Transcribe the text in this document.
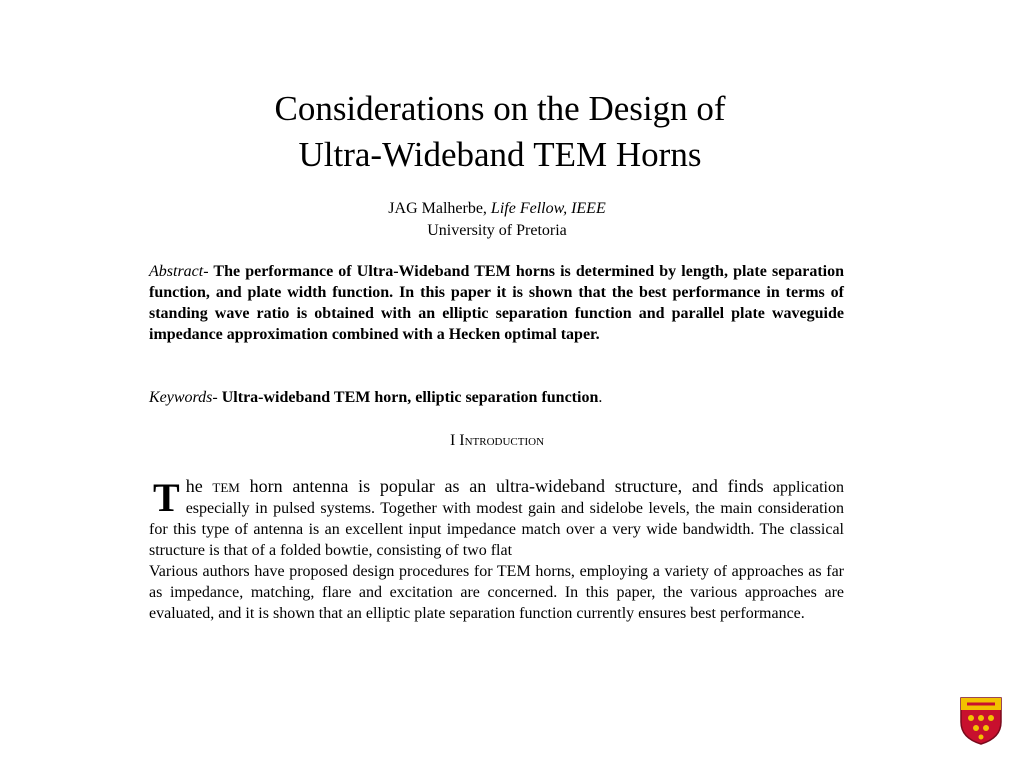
Considerations on the Design of
Ultra-Wideband TEM Horns
JAG Malherbe, Life Fellow, IEEE
University of Pretoria

Abstract- The performance of Ultra-Wideband TEM horns is determined by length, plate separation function, and plate width function. In this paper it is shown that the best performance in terms of standing wave ratio is obtained with an elliptic separation function and parallel plate waveguide impedance approximation combined with a Hecken optimal taper.

Keywords- Ultra-wideband TEM horn, elliptic separation function.

I Introduction

The tem horn antenna is popular as an ultra-wideband structure, and finds application especially in pulsed systems. Together with modest gain and sidelobe levels, the main consideration for this type of antenna is an excellent input impedance match over a very wide bandwidth. The classical structure is that of a folded bowtie, consisting of two flat
Various authors have proposed design procedures for TEM horns, employing a variety of approaches as far as impedance, matching, flare and excitation are concerned. In this paper, the various approaches are evaluated, and it is shown that an elliptic plate separation function currently ensures best performance.
